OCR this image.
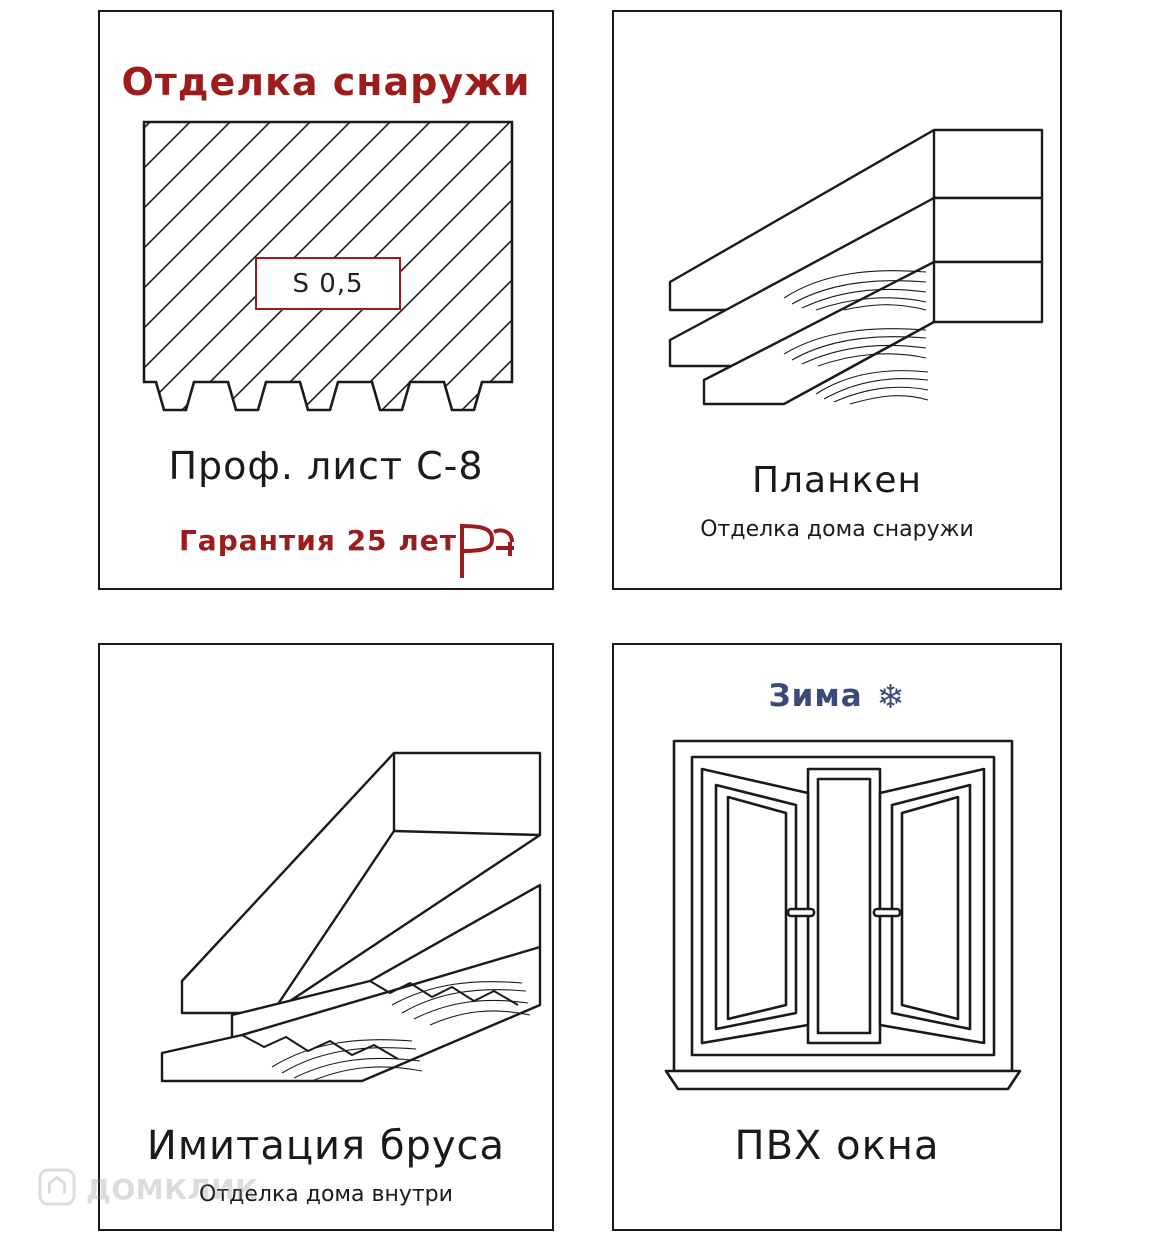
Отделка снаружи
S 0,5
Проф. лист С-8
Гарантия 25 лет
Планкен
Отделка дома снаружи
Имитация бруса
Отделка дома внутри
Зима ❄
ПВХ окна
ДОМКЛИК
